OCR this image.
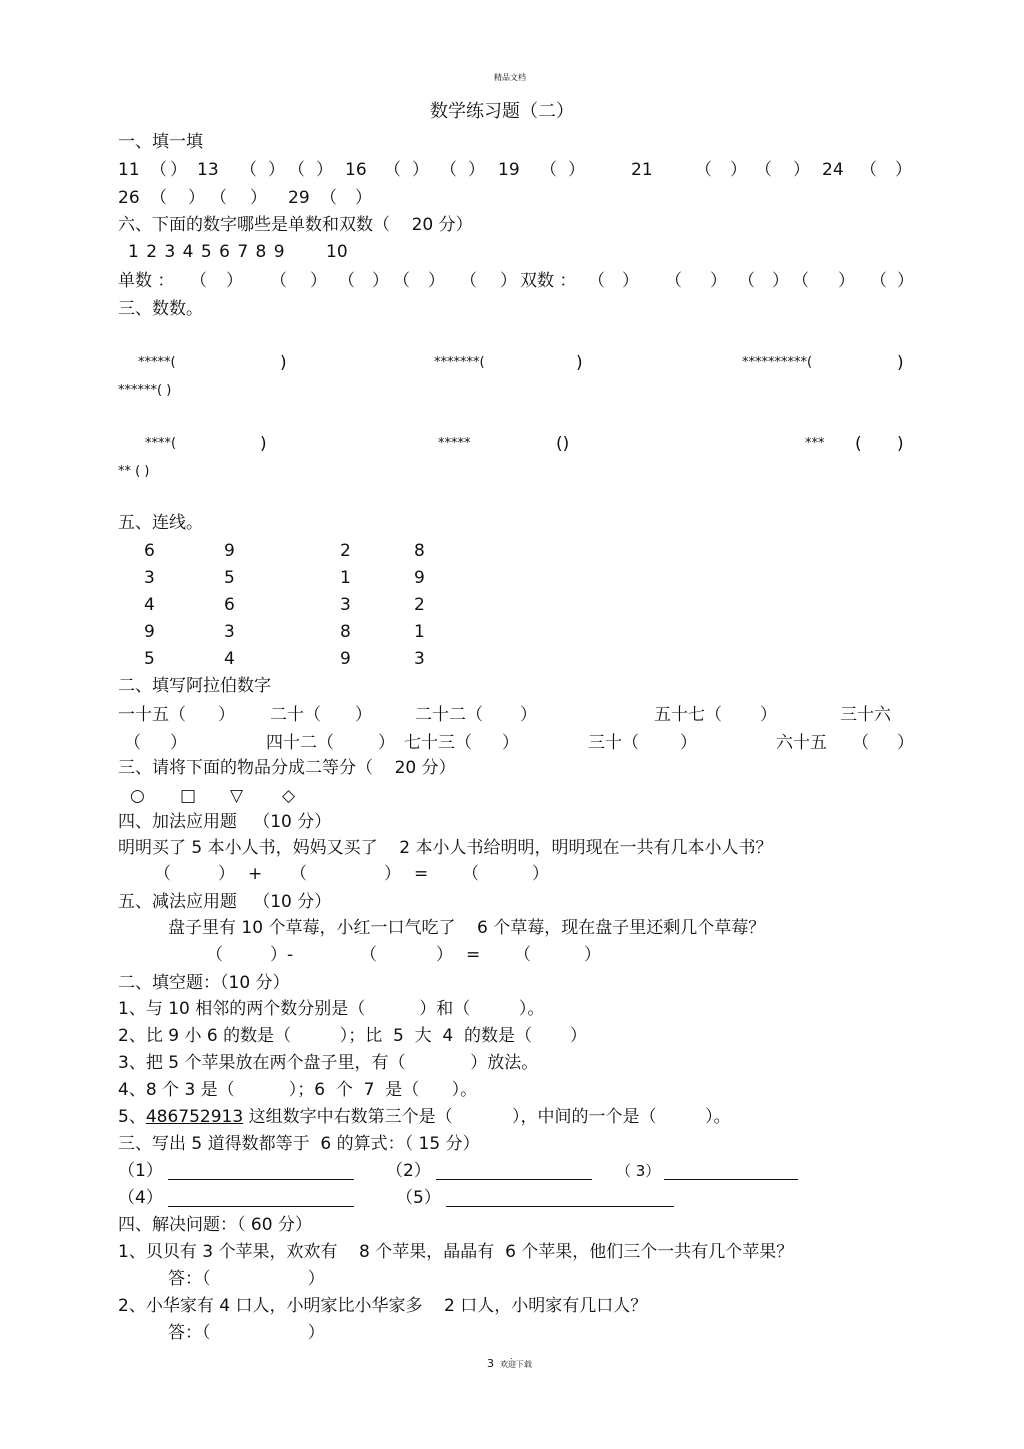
精品文档
数学练习题（二）
一、填一填
11 （ ） 13 （ ） （ ） 16 （ ） （ ） 19 （ ）	21 （ ） （ ） 24 （ ）
26 （ ） （ ） 29 （ ）
六、下面的数字哪些是单数和双数（    20 分）
1 2 3 4 5 6 7 8 9 10
单数 ： （ ） （ ） （ ） （ ） （ ） 双数 ： （ ） （ ） （ ） （ ） （ ）
三、数数。
*****(	)	*******(	)	**********(	)
******( )
****(	)	*****	()	*** ( )
** ( )
五、连线。
6	9	2	8
3	5	1	9
4	6	3	2
9	3	8	1
5	4	9	3
二、填写阿拉伯数字
一十五（ ） 二十（ ）	二十二（ ）	五十七（ ）	三十六
（ ）	四十二（	） 七十三（ ）	三十（ ）	六十五 （ ）
三、请将下面的物品分成二等分（    20 分）
○ □ ▽ ◇
四、加法应用题   （10 分）
明明买了 5 本小人书，妈妈又买了    2 本小人书给明明，明明现在一共有几本小人书？
（	） + （	） = （	）
五、减法应用题   （10 分）
盘子里有 10 个草莓，小红一口气吃了    6 个草莓，现在盘子里还剩几个草莓？
（	）-	（	） = （	）
二、填空题：（10 分）
1、与 10 相邻的两个数分别是（          ）和（         ）。
2、比 9 小 6 的数是（         ）；比  5  大  4  的数是（       ）
3、把 5 个苹果放在两个盘子里，有（            ）放法。
4、8 个 3 是（          ）；6  个  7  是（      ）。
5、486752913 这组数字中右数第三个是（           ），中间的一个是（         ）。
三、写出 5 道得数都等于  6 的算式：（ 15 分）
（1）	（2）	（ 3）
（4）	（5）
四、解决问题：（ 60 分）
1、贝贝有 3 个苹果，欢欢有    8 个苹果，晶晶有  6 个苹果，他们三个一共有几个苹果？
答：（                  ）
2、小华家有 4 口人，小明家比小华家多    2 口人，小明家有几口人？
答：（                  ）
.
3 欢迎下载
